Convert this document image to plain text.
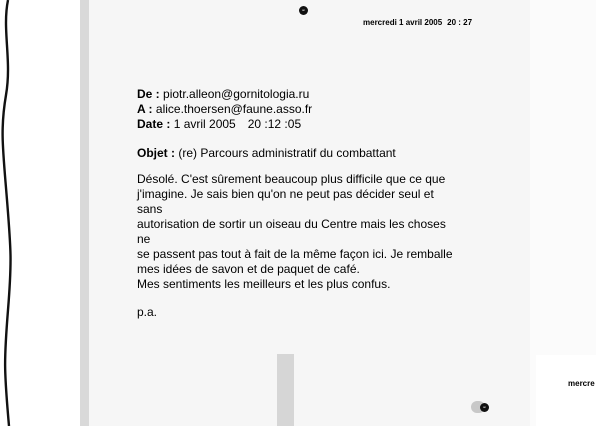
on
on
mercredi 1 avril 2005 20 : 27
mercre
De : piotr.alleon@gornitologia.ru
A : alice.thoersen@faune.asso.fr
Date : 1 avril 2005 20 :12 :05
Objet : (re) Parcours administratif du combattant

Désolé. C'est sûrement beaucoup plus difficile que ce que

j'imagine. Je sais bien qu'on ne peut pas décider seul et sans

autorisation de sortir un oiseau du Centre mais les choses ne

se passent pas tout à fait de la même façon ici. Je remballe

mes idées de savon et de paquet de café.

Mes sentiments les meilleurs et les plus confus.

p.a.
